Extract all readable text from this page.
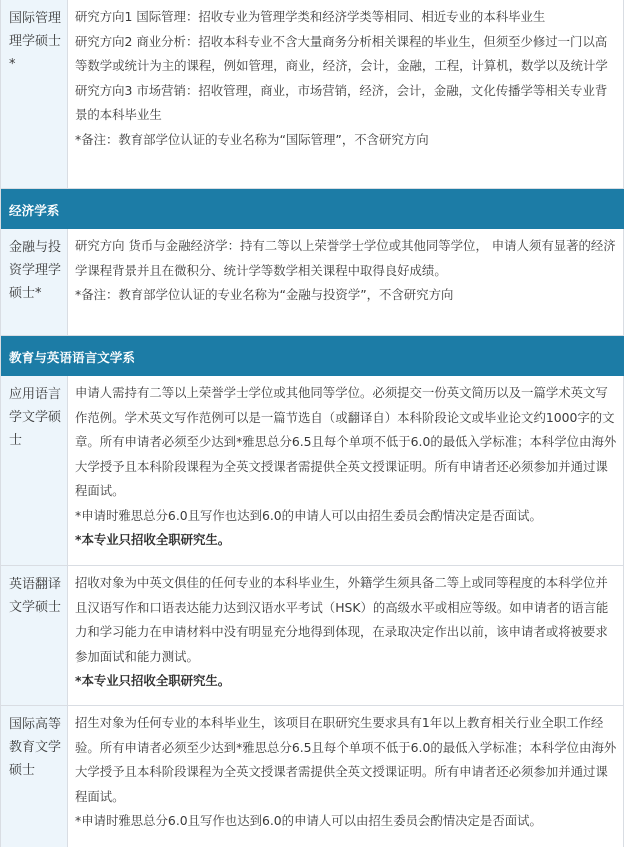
国际管理理学硕士*

研究方向1 国际管理：招收专业为管理学类和经济学类等相同、相近专业的本科毕业生

研究方向2 商业分析：招收本科专业不含大量商务分析相关课程的毕业生，但须至少修过一门以高等数学或统计为主的课程，例如管理，商业，经济，会计，金融，工程，计算机，数学以及统计学

研究方向3 市场营销：招收管理，商业，市场营销，经济，会计，金融，文化传播学等相关专业背景的本科毕业生

*备注：教育部学位认证的专业名称为“国际管理”，不含研究方向

经济学系
金融与投资学理学硕士*

研究方向 货币与金融经济学：持有二等以上荣誉学士学位或其他同等学位， 申请人须有显著的经济学课程背景并且在微积分、统计学等数学相关课程中取得良好成绩。

*备注：教育部学位认证的专业名称为“金融与投资学”，不含研究方向

教育与英语语言文学系
应用语言学文学硕士

申请人需持有二等以上荣誉学士学位或其他同等学位。必须提交一份英文简历以及一篇学术英文写作范例。学术英文写作范例可以是一篇节选自（或翻译自）本科阶段论文或毕业论文约1000字的文章。所有申请者必须至少达到*雅思总分6.5且每个单项不低于6.0的最低入学标准；本科学位由海外大学授予且本科阶段课程为全英文授课者需提供全英文授课证明。所有申请者还必须参加并通过课程面试。

*申请时雅思总分6.0且写作也达到6.0的申请人可以由招生委员会酌情决定是否面试。

*本专业只招收全职研究生。

英语翻译文学硕士

招收对象为中英文俱佳的任何专业的本科毕业生，外籍学生须具备二等上或同等程度的本科学位并且汉语写作和口语表达能力达到汉语水平考试（HSK）的高级水平或相应等级。如申请者的语言能力和学习能力在申请材料中没有明显充分地得到体现，在录取决定作出以前，该申请者或将被要求参加面试和能力测试。

*本专业只招收全职研究生。

国际高等教育文学硕士

招生对象为任何专业的本科毕业生，该项目在职研究生要求具有1年以上教育相关行业全职工作经验。所有申请者必须至少达到*雅思总分6.5且每个单项不低于6.0的最低入学标准；本科学位由海外大学授予且本科阶段课程为全英文授课者需提供全英文授课证明。所有申请者还必须参加并通过课程面试。

*申请时雅思总分6.0且写作也达到6.0的申请人可以由招生委员会酌情决定是否面试。
